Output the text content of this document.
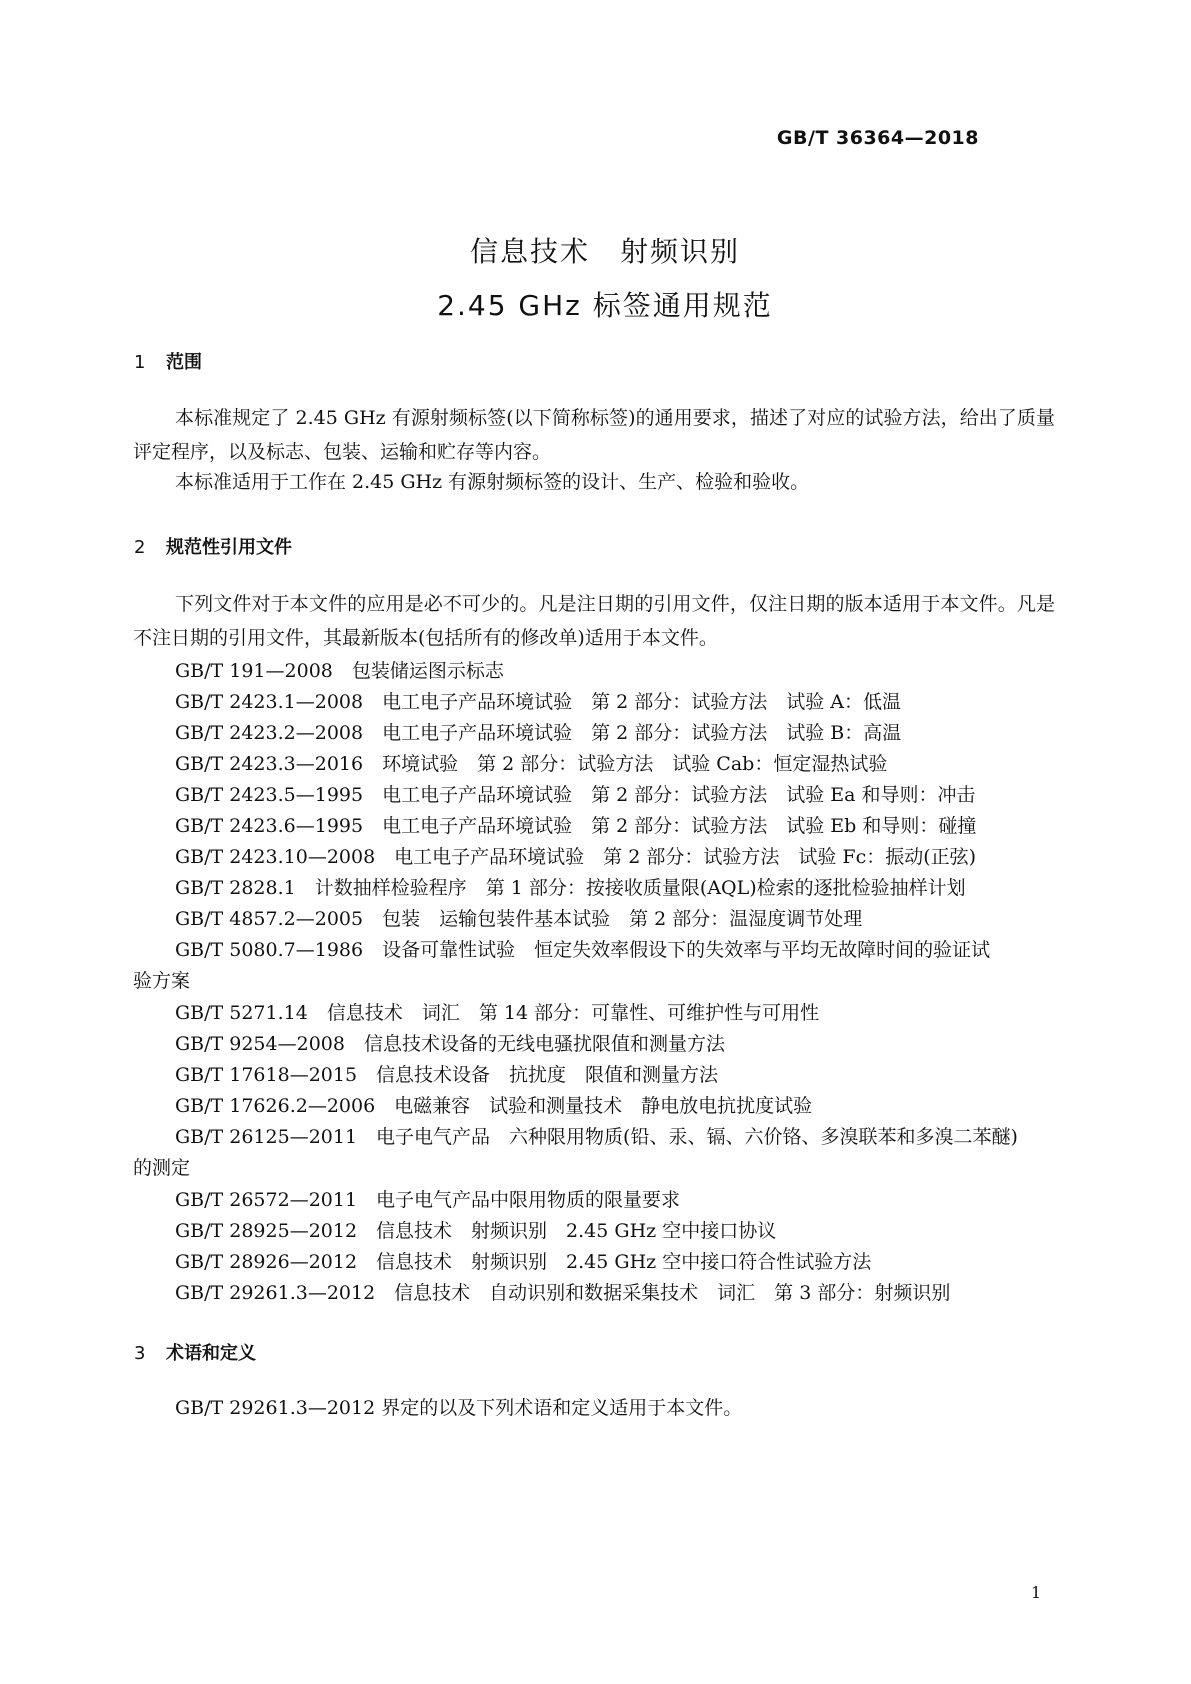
GB/T 36364—2018
信息技术　射频识别
2.45 GHz 标签通用规范
1 范围

本标准规定了 2.45 GHz 有源射频标签(以下简称标签)的通用要求，描述了对应的试验方法，给出了质量评定程序，以及标志、包装、运输和贮存等内容。

本标准适用于工作在 2.45 GHz 有源射频标签的设计、生产、检验和验收。

2 规范性引用文件

下列文件对于本文件的应用是必不可少的。凡是注日期的引用文件，仅注日期的版本适用于本文件。凡是不注日期的引用文件，其最新版本(包括所有的修改单)适用于本文件。

GB/T 191—2008　包装储运图示标志

GB/T 2423.1—2008　电工电子产品环境试验　第 2 部分：试验方法　试验 A：低温

GB/T 2423.2—2008　电工电子产品环境试验　第 2 部分：试验方法　试验 B：高温

GB/T 2423.3—2016　环境试验　第 2 部分：试验方法　试验 Cab：恒定湿热试验

GB/T 2423.5—1995　电工电子产品环境试验　第 2 部分：试验方法　试验 Ea 和导则：冲击

GB/T 2423.6—1995　电工电子产品环境试验　第 2 部分：试验方法　试验 Eb 和导则：碰撞

GB/T 2423.10—2008　电工电子产品环境试验　第 2 部分：试验方法　试验 Fc：振动(正弦)

GB/T 2828.1　计数抽样检验程序　第 1 部分：按接收质量限(AQL)检索的逐批检验抽样计划

GB/T 4857.2—2005　包装　运输包装件基本试验　第 2 部分：温湿度调节处理

GB/T 5080.7—1986　设备可靠性试验　恒定失效率假设下的失效率与平均无故障时间的验证试

验方案

GB/T 5271.14　信息技术　词汇　第 14 部分：可靠性、可维护性与可用性

GB/T 9254—2008　信息技术设备的无线电骚扰限值和测量方法

GB/T 17618—2015　信息技术设备　抗扰度　限值和测量方法

GB/T 17626.2—2006　电磁兼容　试验和测量技术　静电放电抗扰度试验

GB/T 26125—2011　电子电气产品　六种限用物质(铅、汞、镉、六价铬、多溴联苯和多溴二苯醚)

的测定

GB/T 26572—2011　电子电气产品中限用物质的限量要求

GB/T 28925—2012　信息技术　射频识别　2.45 GHz 空中接口协议

GB/T 28926—2012　信息技术　射频识别　2.45 GHz 空中接口符合性试验方法

GB/T 29261.3—2012　信息技术　自动识别和数据采集技术　词汇　第 3 部分：射频识别

3 术语和定义

GB/T 29261.3—2012 界定的以及下列术语和定义适用于本文件。

1
